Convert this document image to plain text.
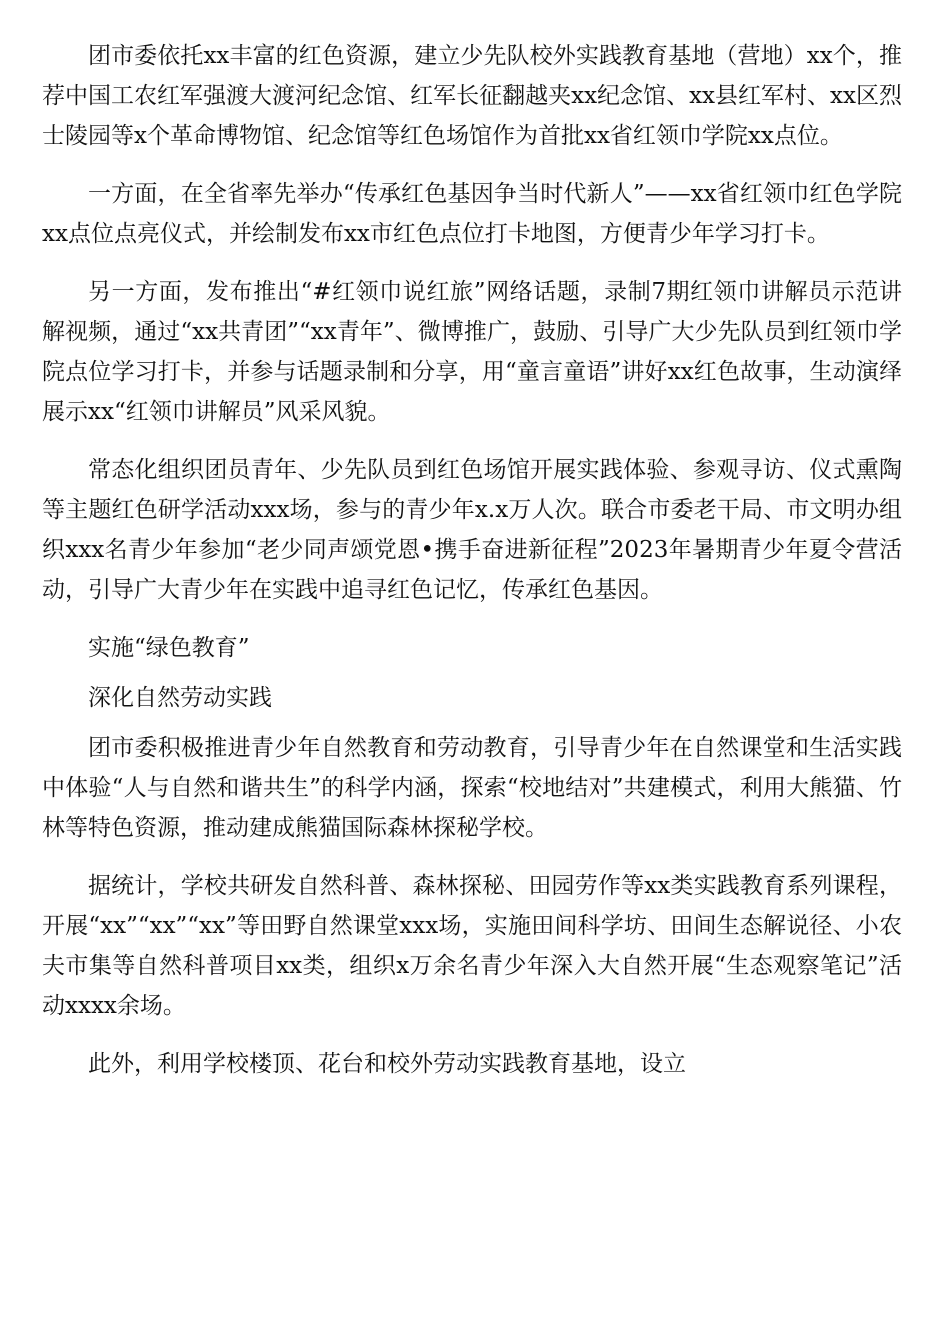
团市委依托xx丰富的红色资源，建立少先队校外实践教育基地（营地）xx个，推荐中国工农红军强渡大渡河纪念馆、红军长征翻越夹xx纪念馆、xx县红军村、xx区烈士陵园等x个革命博物馆、纪念馆等红色场馆作为首批xx省红领巾学院xx点位。

一方面，在全省率先举办“传承红色基因争当时代新人”——xx省红领巾红色学院xx点位点亮仪式，并绘制发布xx市红色点位打卡地图，方便青少年学习打卡。

另一方面，发布推出“#红领巾说红旅”网络话题，录制7期红领巾讲解员示范讲解视频，通过“xx共青团”“xx青年”、微博推广，鼓励、引导广大少先队员到红领巾学院点位学习打卡，并参与话题录制和分享，用“童言童语”讲好xx红色故事，生动演绎展示xx“红领巾讲解员”风采风貌。

常态化组织团员青年、少先队员到红色场馆开展实践体验、参观寻访、仪式熏陶等主题红色研学活动xxx场，参与的青少年x.x万人次。联合市委老干局、市文明办组织xxx名青少年参加“老少同声颂党恩•携手奋进新征程”2023年暑期青少年夏令营活动，引导广大青少年在实践中追寻红色记忆，传承红色基因。

实施“绿色教育”

深化自然劳动实践

团市委积极推进青少年自然教育和劳动教育，引导青少年在自然课堂和生活实践中体验“人与自然和谐共生”的科学内涵，探索“校地结对”共建模式，利用大熊猫、竹林等特色资源，推动建成熊猫国际森林探秘学校。

据统计，学校共研发自然科普、森林探秘、田园劳作等xx类实践教育系列课程，开展“xx”“xx”“xx”等田野自然课堂xxx场，实施田间科学坊、田间生态解说径、小农夫市集等自然科普项目xx类，组织x万余名青少年深入大自然开展“生态观察笔记”活动xxxx余场。

此外，利用学校楼顶、花台和校外劳动实践教育基地，设立
